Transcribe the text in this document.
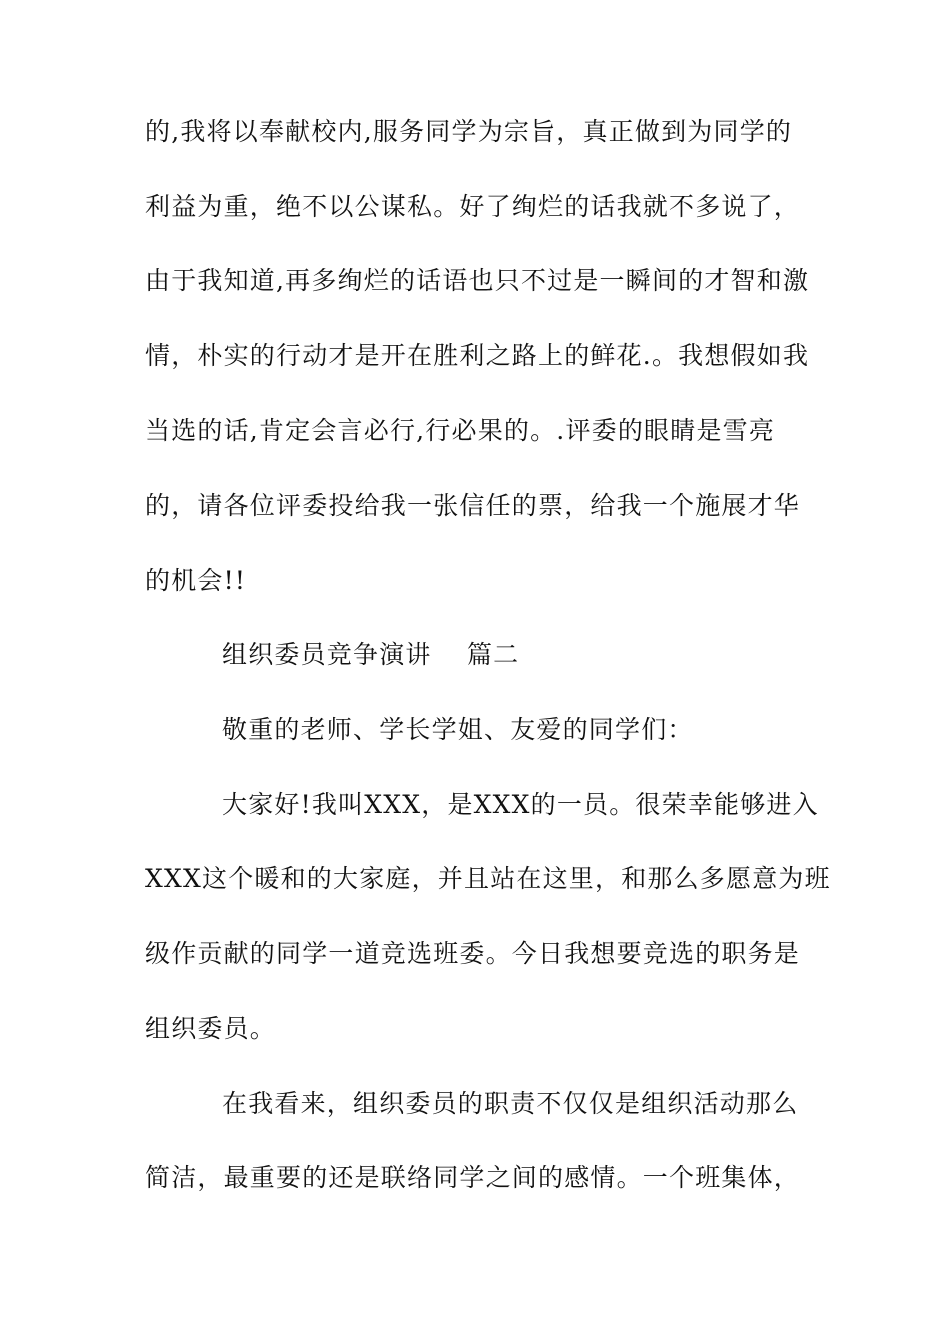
的,我将以奉献校内,服务同学为宗旨，真正做到为同学的
利益为重，绝不以公谋私。好了绚烂的话我就不多说了，
由于我知道,再多绚烂的话语也只不过是一瞬间的才智和激
情，朴实的行动才是开在胜利之路上的鲜花.。我想假如我
当选的话,肯定会言必行,行必果的。.评委的眼睛是雪亮
的，请各位评委投给我一张信任的票，给我一个施展才华
的机会!!
组织委员竞争演讲　 篇二
敬重的老师、学长学姐、友爱的同学们：
大家好!我叫XXX，是XXX的一员。很荣幸能够进入
XXX这个暖和的大家庭，并且站在这里，和那么多愿意为班
级作贡献的同学一道竞选班委。今日我想要竞选的职务是
组织委员。
在我看来，组织委员的职责不仅仅是组织活动那么
简洁，最重要的还是联络同学之间的感情。一个班集体，
